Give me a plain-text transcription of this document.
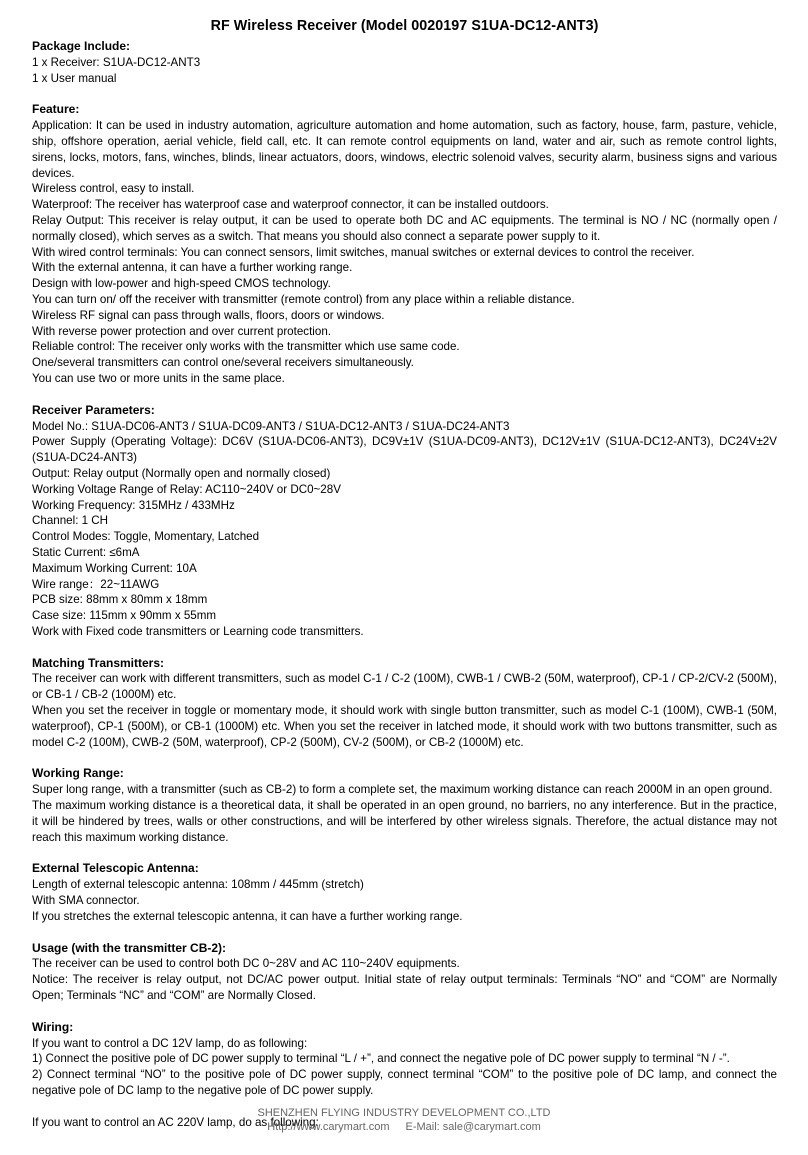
RF Wireless Receiver (Model 0020197 S1UA-DC12-ANT3)

Package Include:

1 x Receiver: S1UA-DC12-ANT3

1 x User manual

Feature:

Application: It can be used in industry automation, agriculture automation and home automation, such as factory, house, farm, pasture, vehicle, ship, offshore operation, aerial vehicle, field call, etc. It can remote control equipments on land, water and air, such as remote control lights, sirens, locks, motors, fans, winches, blinds, linear actuators, doors, windows, electric solenoid valves, security alarm, business signs and various devices.

Wireless control, easy to install.

Waterproof: The receiver has waterproof case and waterproof connector, it can be installed outdoors.

Relay Output: This receiver is relay output, it can be used to operate both DC and AC equipments. The terminal is NO / NC (normally open / normally closed), which serves as a switch. That means you should also connect a separate power supply to it.

With wired control terminals: You can connect sensors, limit switches, manual switches or external devices to control the receiver.

With the external antenna, it can have a further working range.

Design with low-power and high-speed CMOS technology.

You can turn on/ off the receiver with transmitter (remote control) from any place within a reliable distance.

Wireless RF signal can pass through walls, floors, doors or windows.

With reverse power protection and over current protection.

Reliable control: The receiver only works with the transmitter which use same code.

One/several transmitters can control one/several receivers simultaneously.

You can use two or more units in the same place.

Receiver Parameters:

Model No.: S1UA-DC06-ANT3 / S1UA-DC09-ANT3 / S1UA-DC12-ANT3 / S1UA-DC24-ANT3

Power Supply (Operating Voltage): DC6V (S1UA-DC06-ANT3), DC9V±1V (S1UA-DC09-ANT3), DC12V±1V (S1UA-DC12-ANT3), DC24V±2V (S1UA-DC24-ANT3)

Output: Relay output (Normally open and normally closed)

Working Voltage Range of Relay: AC110~240V or DC0~28V

Working Frequency: 315MHz / 433MHz

Channel: 1 CH

Control Modes: Toggle, Momentary, Latched

Static Current: ≤6mA

Maximum Working Current: 10A

Wire range：22~11AWG

PCB size: 88mm x 80mm x 18mm

Case size: 115mm x 90mm x 55mm

Work with Fixed code transmitters or Learning code transmitters.

Matching Transmitters:

The receiver can work with different transmitters, such as model C-1 / C-2 (100M), CWB-1 / CWB-2 (50M, waterproof), CP-1 / CP-2/CV-2 (500M), or CB-1 / CB-2 (1000M) etc.

When you set the receiver in toggle or momentary mode, it should work with single button transmitter, such as model C-1 (100M), CWB-1 (50M, waterproof), CP-1 (500M), or CB-1 (1000M) etc. When you set the receiver in latched mode, it should work with two buttons transmitter, such as model C-2 (100M), CWB-2 (50M, waterproof), CP-2 (500M), CV-2 (500M), or CB-2 (1000M) etc.

Working Range:

Super long range, with a transmitter (such as CB-2) to form a complete set, the maximum working distance can reach 2000M in an open ground.

The maximum working distance is a theoretical data, it shall be operated in an open ground, no barriers, no any interference. But in the practice, it will be hindered by trees, walls or other constructions, and will be interfered by other wireless signals. Therefore, the actual distance may not reach this maximum working distance.

External Telescopic Antenna:

Length of external telescopic antenna: 108mm / 445mm (stretch)

With SMA connector.

If you stretches the external telescopic antenna, it can have a further working range.

Usage (with the transmitter CB-2):

The receiver can be used to control both DC 0~28V and AC 110~240V equipments.

Notice: The receiver is relay output, not DC/AC power output. Initial state of relay output terminals: Terminals “NO” and “COM” are Normally Open; Terminals “NC” and “COM” are Normally Closed.

Wiring:

If you want to control a DC 12V lamp, do as following:

1) Connect the positive pole of DC power supply to terminal “L / +”, and connect the negative pole of DC power supply to terminal “N / -”.

2) Connect terminal “NO” to the positive pole of DC power supply, connect terminal “COM” to the positive pole of DC lamp, and connect the negative pole of DC lamp to the negative pole of DC power supply.

If you want to control an AC 220V lamp, do as following:

SHENZHEN FLYING INDUSTRY DEVELOPMENT CO.,LTD
Http://www.carymart.com E-Mail: sale@carymart.com
